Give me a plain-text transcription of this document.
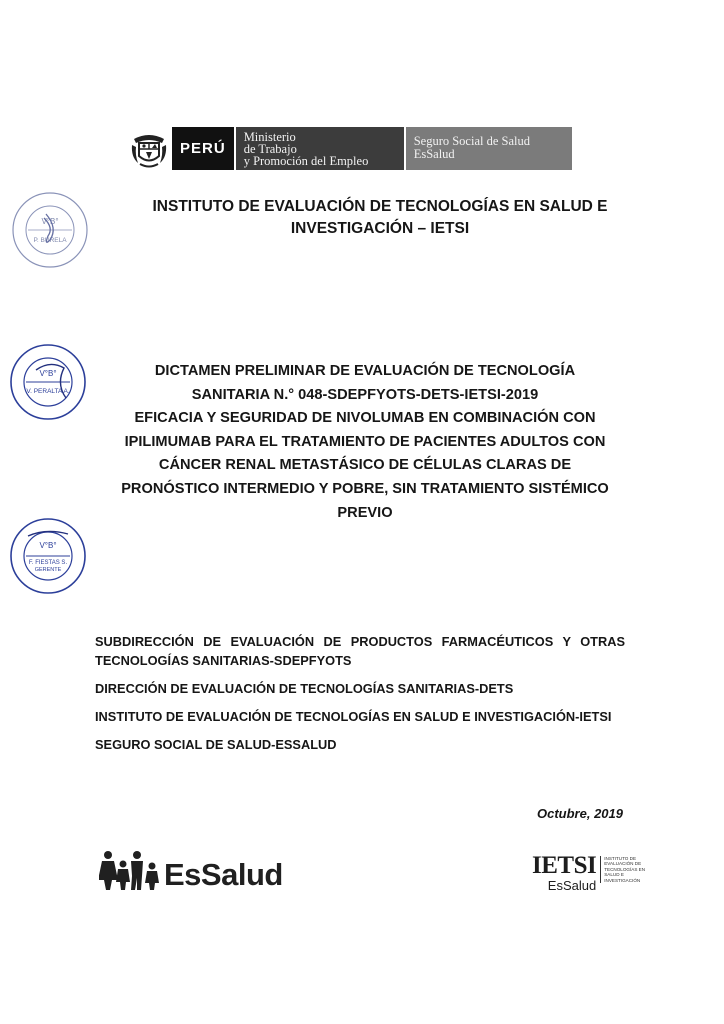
PERÚ
Ministerio
de Trabajo
y Promoción del Empleo
Seguro Social de Salud
EsSalud
INSTITUTO DE EVALUACIÓN DE TECNOLOGÍAS EN SALUD E
INVESTIGACIÓN – IETSI
V°B°
P. BURELA
V°B°
V. PERALTA A.
V°B°
F. FIESTAS S.
GERENTE
DICTAMEN PRELIMINAR DE EVALUACIÓN DE TECNOLOGÍA
SANITARIA N.° 048-SDEPFYOTS-DETS-IETSI-2019
EFICACIA Y SEGURIDAD DE NIVOLUMAB EN COMBINACIÓN CON
IPILIMUMAB PARA EL TRATAMIENTO DE PACIENTES ADULTOS CON
CÁNCER RENAL METASTÁSICO DE CÉLULAS CLARAS DE
PRONÓSTICO INTERMEDIO Y POBRE, SIN TRATAMIENTO SISTÉMICO
PREVIO

SUBDIRECCIÓN DE EVALUACIÓN DE PRODUCTOS FARMACÉUTICOS Y OTRAS TECNOLOGÍAS SANITARIAS-SDEPFYOTS

DIRECCIÓN DE EVALUACIÓN DE TECNOLOGÍAS SANITARIAS-DETS

INSTITUTO DE EVALUACIÓN DE TECNOLOGÍAS EN SALUD E INVESTIGACIÓN-IETSI

SEGURO SOCIAL DE SALUD-ESSALUD

Octubre, 2019
EsSalud	IETSI
EsSalud
INSTITUTO DE
EVALUACIÓN DE
TECNOLOGÍAS EN
SALUD E
INVESTIGACIÓN
